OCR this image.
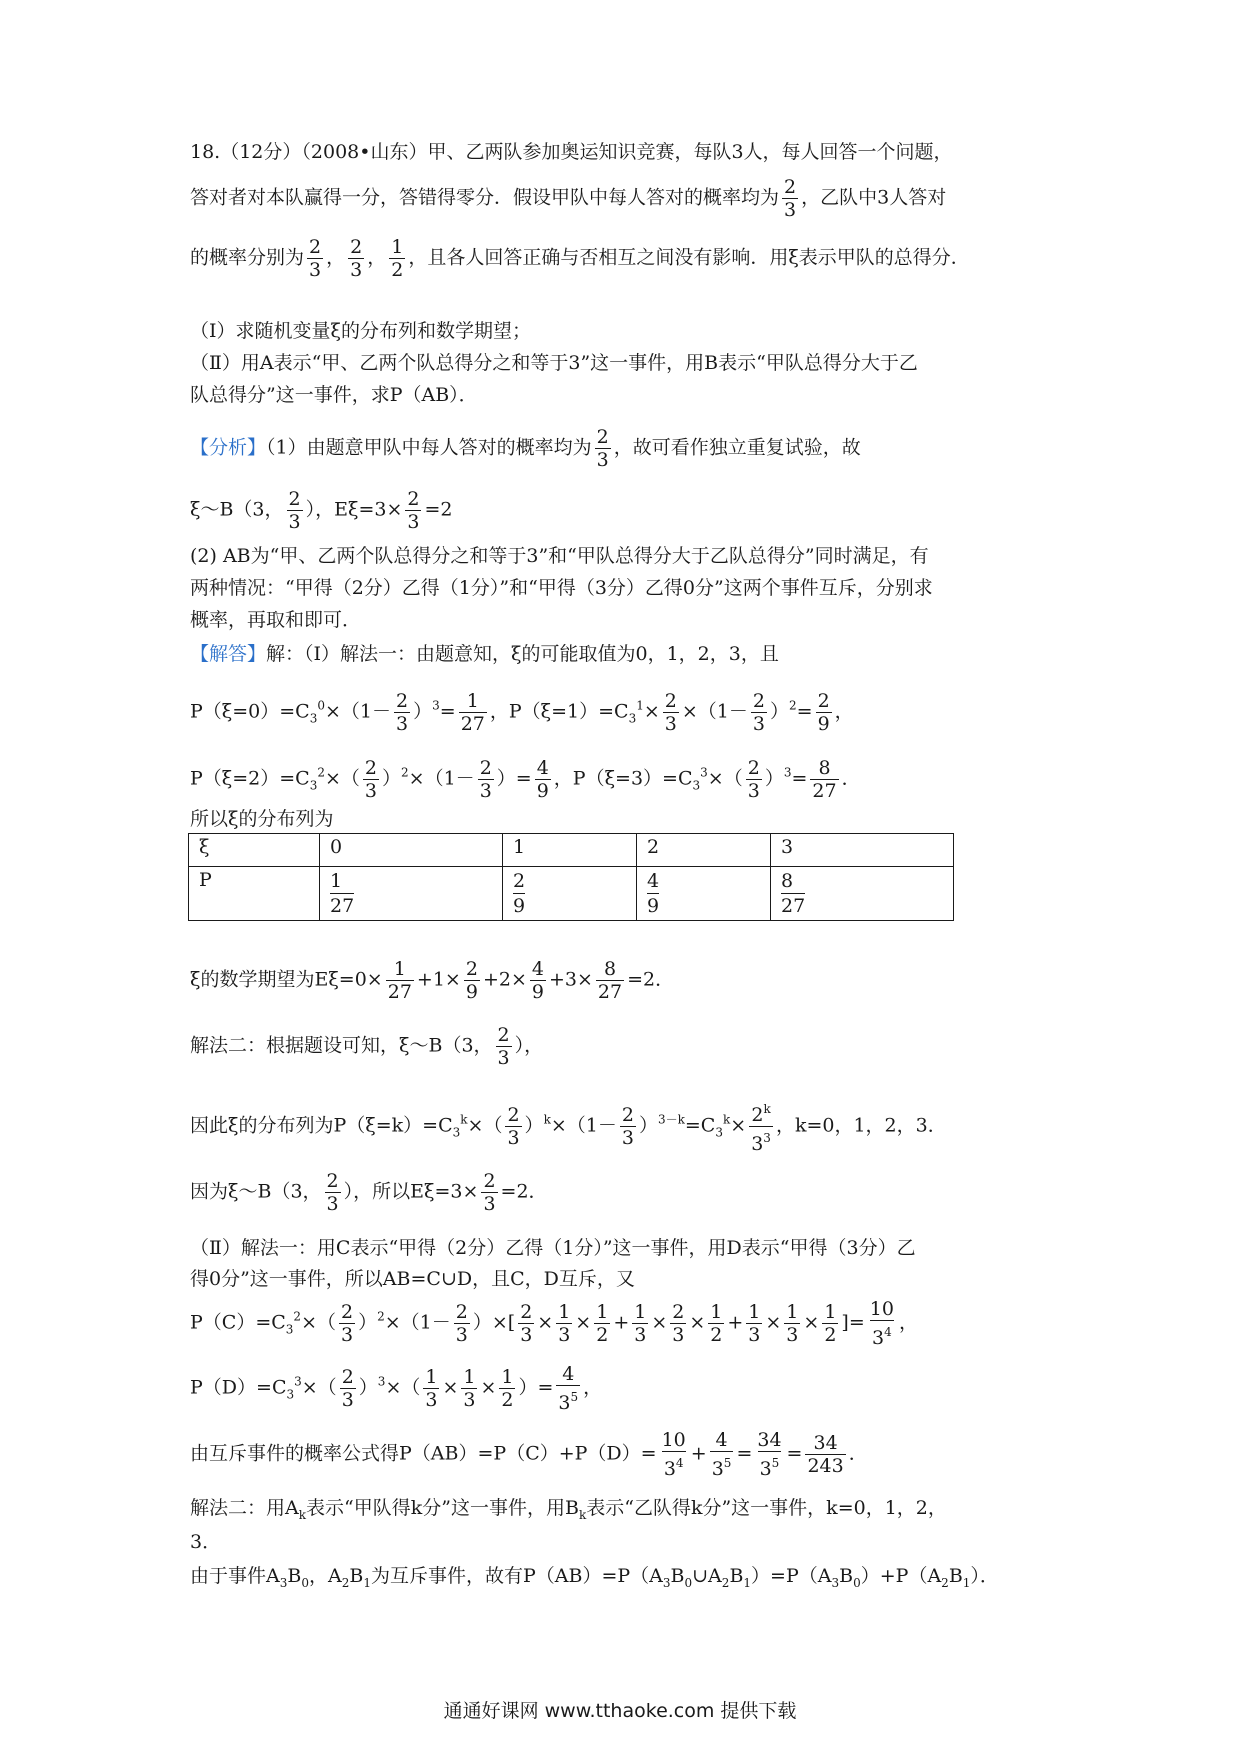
18.（12分）（2008•山东）甲、乙两队参加奥运知识竞赛，每队3人，每人回答一个问题，
答对者对本队赢得一分，答错得零分．假设甲队中每人答对的概率均为 $\frac{2}{3}$ ，乙队中3人答对
的概率分别为 $\frac{2}{3}$ ， $\frac{2}{3}$ ， $\frac{1}{2}$ ，且各人回答正确与否相互之间没有影响．用ξ表示甲队的总得分．
（Ⅰ）求随机变量ξ的分布列和数学期望；
（Ⅱ）用A表示“甲、乙两个队总得分之和等于3”这一事件，用B表示“甲队总得分大于乙
队总得分”这一事件，求P（AB）．
【分析】（1）由题意甲队中每人答对的概率均为 $\frac{2}{3}$ ，故可看作独立重复试验，故
ξ～B（3， $\frac{2}{3}$ ），$E\xi=3\times \frac{2}{3} =2$
(2) AB为“甲、乙两个队总得分之和等于3”和“甲队总得分大于乙队总得分”同时满足，有
两种情况：“甲得（2分）乙得（1分）”和“甲得（3分）乙得0分”这两个事件互斥，分别求
概率，再取和即可．
【解答】解：（Ⅰ）解法一：由题意知，ξ的可能取值为0，1，2，3，且
$P(\xi=0)=C_3^0\times(1- \frac{2}{3} )^3= \frac{1}{27}$ ，$P(\xi=1)=C_3^1\times \frac{2}{3} \times(1- \frac{2}{3} )^2= \frac{2}{9}$ ，
$P(\xi=2)=C_3^2\times( \frac{2}{3} )^2\times(1- \frac{2}{3}$ ）= $\frac{4}{9}$ ，$P(\xi=3)=C_3^3\times( \frac{2}{3} )^3= \frac{8}{27}$ ．
所以ξ的分布列为
ξ	0	1	2	3
P	$\frac{1}{27}$	$\frac{2}{9}$	$\frac{4}{9}$	$\frac{8}{27}$
ξ的数学期望为$E\xi=0\times \frac{1}{27} +1\times \frac{2}{9} +2\times \frac{4}{9} +3\times \frac{8}{27} =2$．
解法二：根据题设可知，ξ～B（3， $\frac{2}{3}$ ），
因此ξ的分布列为$P(\xi=k)=C_3^k\times( \frac{2}{3} )^k\times(1- \frac{2}{3} )^{3-k}=C_3^k\times \frac{2^k}{3^3}$ ，k=0，1，2，3．
因为ξ～B（3， $\frac{2}{3}$ ），所以$E\xi=3\times \frac{2}{3} =2$．
（Ⅱ）解法一：用C表示“甲得（2分）乙得（1分）”这一事件，用D表示“甲得（3分）乙
得0分”这一事件，所以AB=C∪D，且C，D互斥，又
$P(C)=C_3^2\times( \frac{2}{3} )^2\times(1- \frac{2}{3}$ ）×[ $\frac{2}{3} \times \frac{1}{3} \times \frac{1}{2} + \frac{1}{3} \times \frac{2}{3} \times \frac{1}{2} + \frac{1}{3} \times \frac{1}{3} \times \frac{1}{2}$ ]= $\frac{10}{3^4}$ ，
$P(D)=C_3^3\times( \frac{2}{3} )^3\times( \frac{1}{3} \times \frac{1}{3} \times \frac{1}{2}$ ）= $\frac{4}{3^5}$ ，
由互斥事件的概率公式得$P(AB)=P(C)+P(D)= \frac{10}{3^4} + \frac{4}{3^5} = \frac{34}{3^5} = \frac{34}{243}$ ．
解法二：用$A_k$表示“甲队得k分”这一事件，用$B_k$表示“乙队得k分”这一事件，k=0，1，2，
3．
由于事件$A_3B_0$，$A_2B_1$为互斥事件，故有$P(AB)=P(A_3B_0\cup A_2B_1)=P(A_3B_0)+P(A_2B_1)$．
通通好课网 www.tthaoke.com 提供下载
